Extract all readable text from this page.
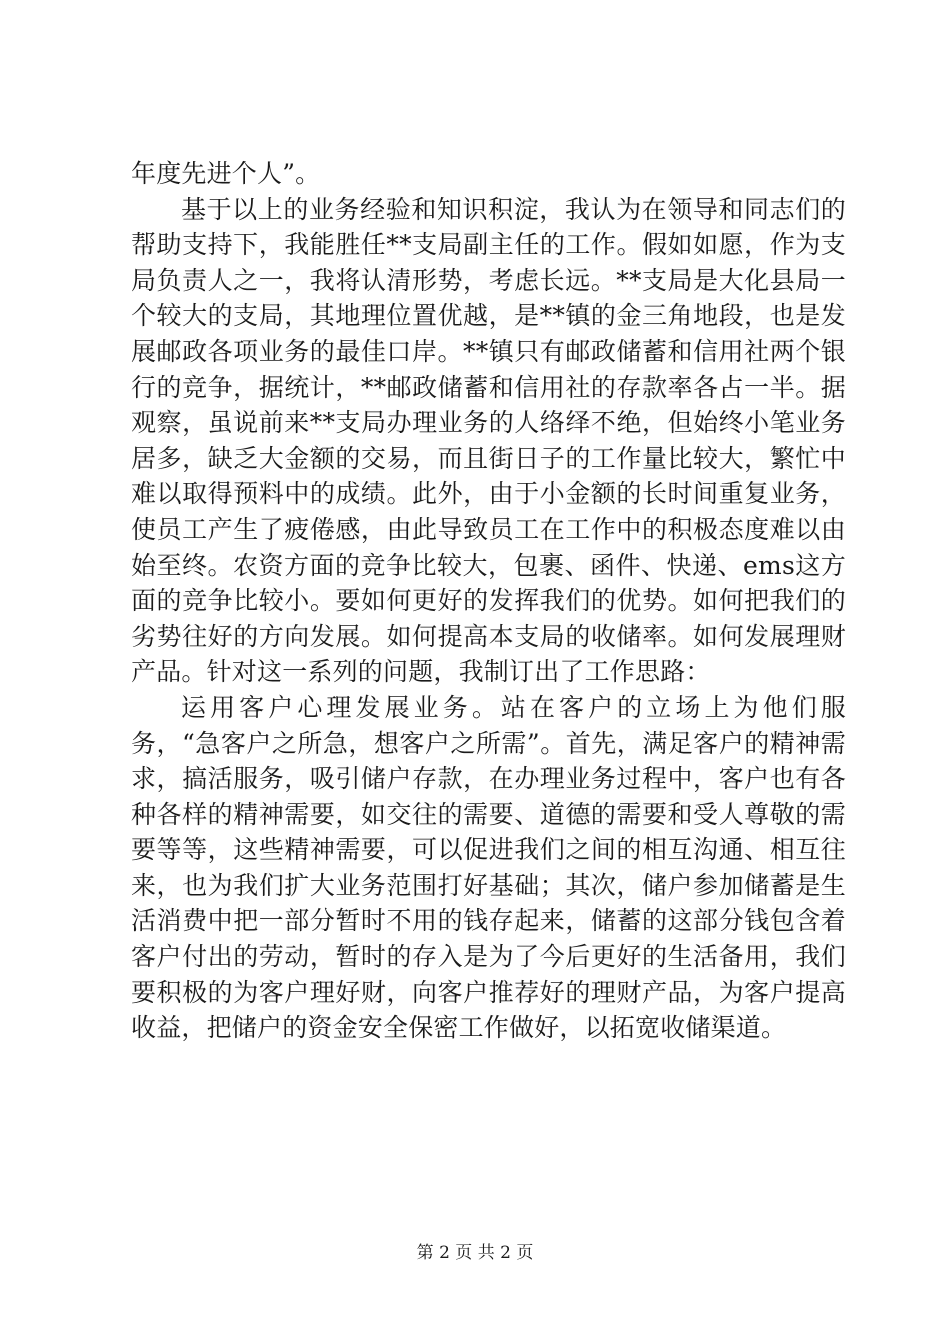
年度先进个人”。

基于以上的业务经验和知识积淀，我认为在领导和同志们的帮助支持下，我能胜任**支局副主任的工作。假如如愿，作为支局负责人之一，我将认清形势，考虑长远。**支局是大化县局一个较大的支局，其地理位置优越，是**镇的金三角地段，也是发展邮政各项业务的最佳口岸。**镇只有邮政储蓄和信用社两个银行的竞争，据统计，**邮政储蓄和信用社的存款率各占一半。据观察，虽说前来**支局办理业务的人络绎不绝，但始终小笔业务居多，缺乏大金额的交易，而且街日子的工作量比较大，繁忙中难以取得预料中的成绩。此外，由于小金额的长时间重复业务，使员工产生了疲倦感，由此导致员工在工作中的积极态度难以由始至终。农资方面的竞争比较大，包裹、函件、快递、ems这方面的竞争比较小。要如何更好的发挥我们的优势。如何把我们的劣势往好的方向发展。如何提高本支局的收储率。如何发展理财产品。针对这一系列的问题，我制订出了工作思路：

运用客户心理发展业务。站在客户的立场上为他们服务，“急客户之所急，想客户之所需”。首先，满足客户的精神需求，搞活服务，吸引储户存款，在办理业务过程中，客户也有各种各样的精神需要，如交往的需要、道德的需要和受人尊敬的需要等等，这些精神需要，可以促进我们之间的相互沟通、相互往来，也为我们扩大业务范围打好基础；其次，储户参加储蓄是生活消费中把一部分暂时不用的钱存起来，储蓄的这部分钱包含着客户付出的劳动，暂时的存入是为了今后更好的生活备用，我们要积极的为客户理好财，向客户推荐好的理财产品，为客户提高收益，把储户的资金安全保密工作做好，以拓宽收储渠道。

第 2 页 共 2 页
